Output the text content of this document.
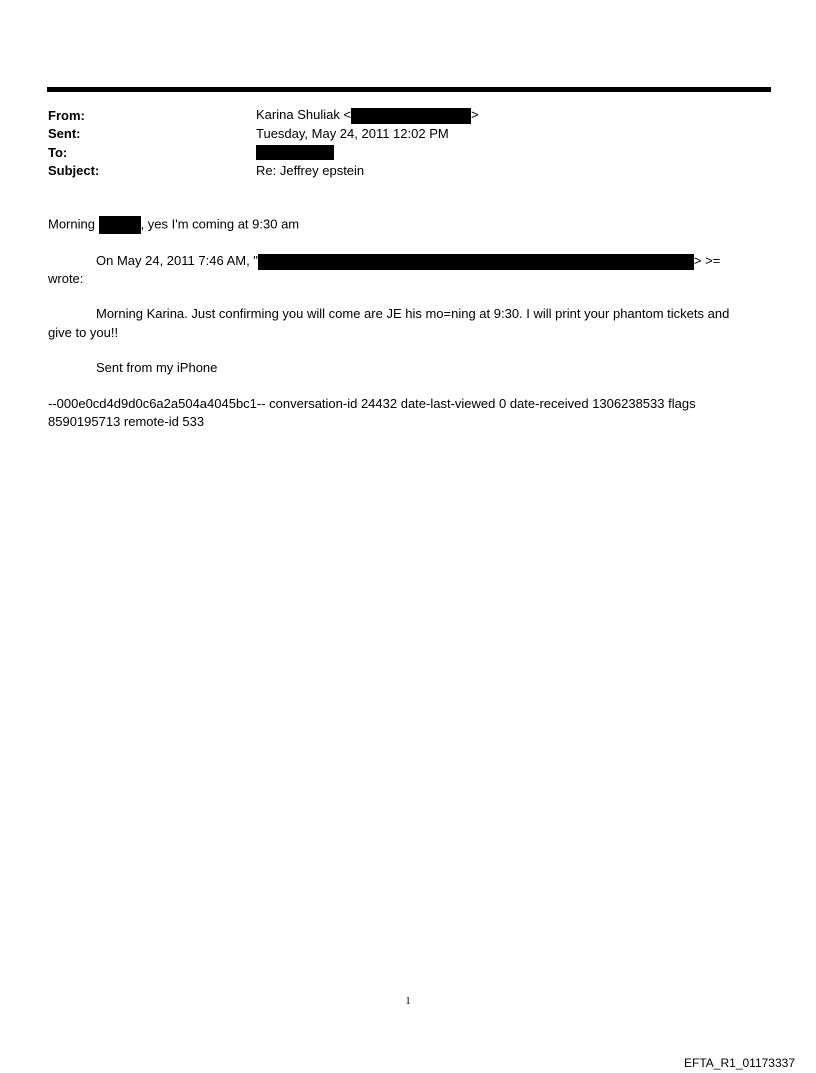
From:	Karina Shuliak <	>
Sent:	Tuesday, May 24, 2011 12:02 PM
To:
Subject:	Re: Jeffrey epstein
Morning	, yes I'm coming at 9:30 am
On May 24, 2011 7:46 AM, "	> >=
wrote:
Morning Karina. Just confirming you will come are JE his mo=ning at 9:30. I will print your phantom tickets and
give to you!!
Sent from my iPhone
--000e0cd4d9d0c6a2a504a4045bc1-- conversation-id 24432 date-last-viewed 0 date-received 1306238533 flags
8590195713 remote-id 533
1
EFTA_R1_01173337
